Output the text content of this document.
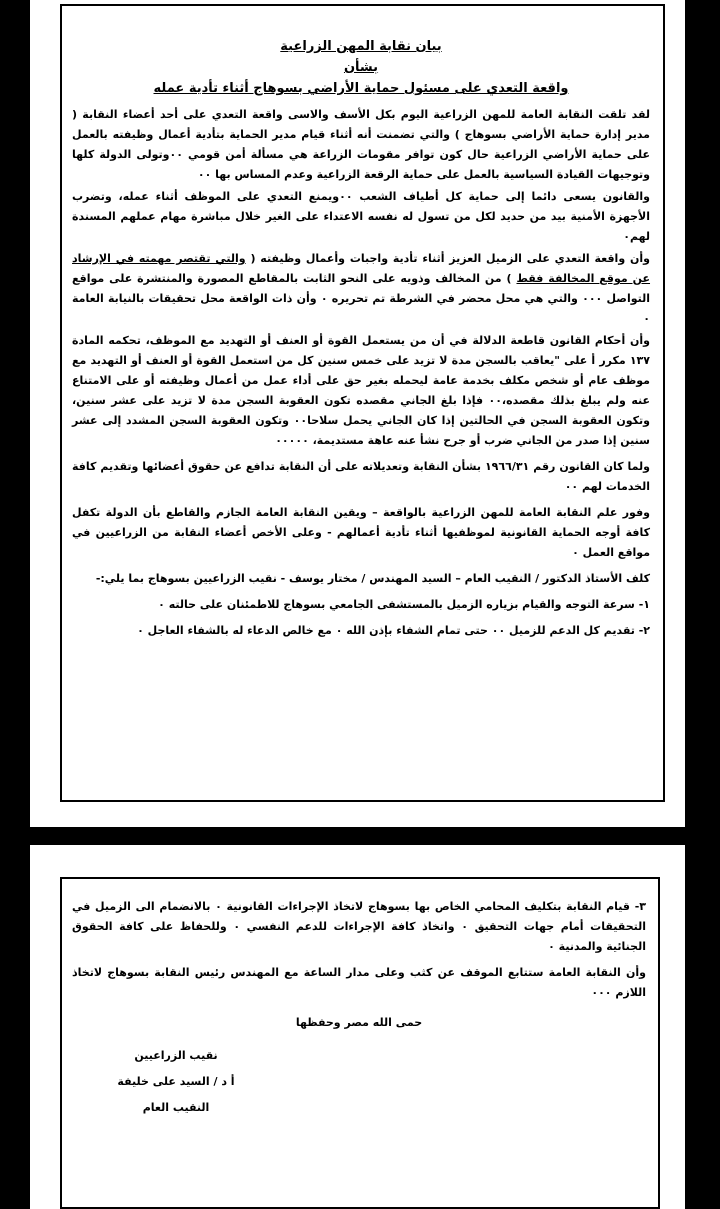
بيان نقابة المهن الزراعية
بشأن
واقعة التعدي على مسئول حماية الأراضي بسوهاج أثناء تأدية عمله

لقد تلقت النقابة العامة للمهن الزراعية اليوم بكل الأسف والاسى واقعة التعدي على أحد أعضاء النقابة ( مدير إدارة حماية الأراضي بسوهاج ) والتي تضمنت أنه أثناء قيام مدير الحماية بتأدية أعمال وظيفته بالعمل على حماية الأراضي الزراعية حال كون توافر مقومات الزراعة هي مسألة أمن قومي ٠٠وتولى الدولة كلها وتوجيهات القيادة السياسية بالعمل على حماية الرقعة الزراعية وعدم المساس بها ٠٠

والقانون يسعى دائما إلى حماية كل أطياف الشعب ٠٠ويمنع التعدي على الموظف أثناء عمله، وتضرب الأجهزة الأمنية بيد من حديد لكل من تسول له نفسه الاعتداء على الغير خلال مباشرة مهام عملهم المسندة لهم٠

وأن واقعة التعدي على الزميل العزيز أثناء تأدية واجبات وأعمال وظيفته ( والتي تقتصر مهمته في الإرشاد عن موقع المخالفة فقط ) من المخالف وذويه على النحو الثابت بالمقاطع المصورة والمنتشرة على مواقع التواصل ٠٠٠ والتي هي محل محضر في الشرطة تم تحريره ٠ وأن ذات الواقعة محل تحقيقات بالنيابة العامة ٠

وأن أحكام القانون قاطعة الدلالة في أن من يستعمل القوة أو العنف أو التهديد مع الموظف، تحكمه المادة ١٣٧ مكرر أ على "يعاقب بالسجن مدة لا تزيد على خمس سنين كل من استعمل القوة أو العنف أو التهديد مع موظف عام أو شخص مكلف بخدمة عامة ليحمله بغير حق على أداء عمل من أعمال وظيفته أو على الامتناع عنه ولم يبلغ بذلك مقصده،٠٠ فإذا بلغ الجاني مقصده تكون العقوبة السجن مدة لا تزيد على عشر سنين، وتكون العقوبة السجن في الحالتين إذا كان الجاني يحمل سلاحا٠٠ وتكون العقوبة السجن المشدد إلى عشر سنين إذا صدر من الجاني ضرب أو جرح نشأ عنه عاهة مستديمة، ٠٠٠٠٠

ولما كان القانون رقم ١٩٦٦/٣١ بشأن النقابة وتعديلاته على أن النقابة تدافع عن حقوق أعضائها وتقديم كافة الخدمات لهم ٠٠

وفور علم النقابة العامة للمهن الزراعية بالواقعة – ويقين النقابة العامة الجازم والقاطع بأن الدولة تكفل كافة أوجه الحماية القانونية لموظفيها أثناء تأدية أعمالهم - وعلى الأخص أعضاء النقابة من الزراعيين في مواقع العمل ٠

كلف الأستاذ الدكتور / النقيب العام – السيد المهندس / مختار يوسف - نقيب الزراعيين بسوهاج بما يلي:-

١- سرعة التوجه والقيام بزياره الزميل بالمستشفى الجامعي بسوهاج للاطمئنان على حالته ٠

٢- تقديم كل الدعم للزميل ٠٠ حتى تمام الشفاء بإذن الله ٠ مع خالص الدعاء له بالشفاء العاجل ٠

٣- قيام النقابة بتكليف المحامي الخاص بها بسوهاج لاتخاذ الإجراءات القانونية ٠ بالانضمام الى الزميل في التحقيقات أمام جهات التحقيق ٠ واتخاذ كافة الإجراءات للدعم النفسي ٠ وللحفاظ على كافة الحقوق الجنائية والمدنية ٠

وأن النقابة العامة ستتابع الموقف عن كثب وعلى مدار الساعة مع المهندس رئيس النقابة بسوهاج لاتخاذ اللازم ٠٠٠

حمى الله مصر وحفظها

نقيب الزراعيين
أ د / السيد على خليفة
النقيب العام
